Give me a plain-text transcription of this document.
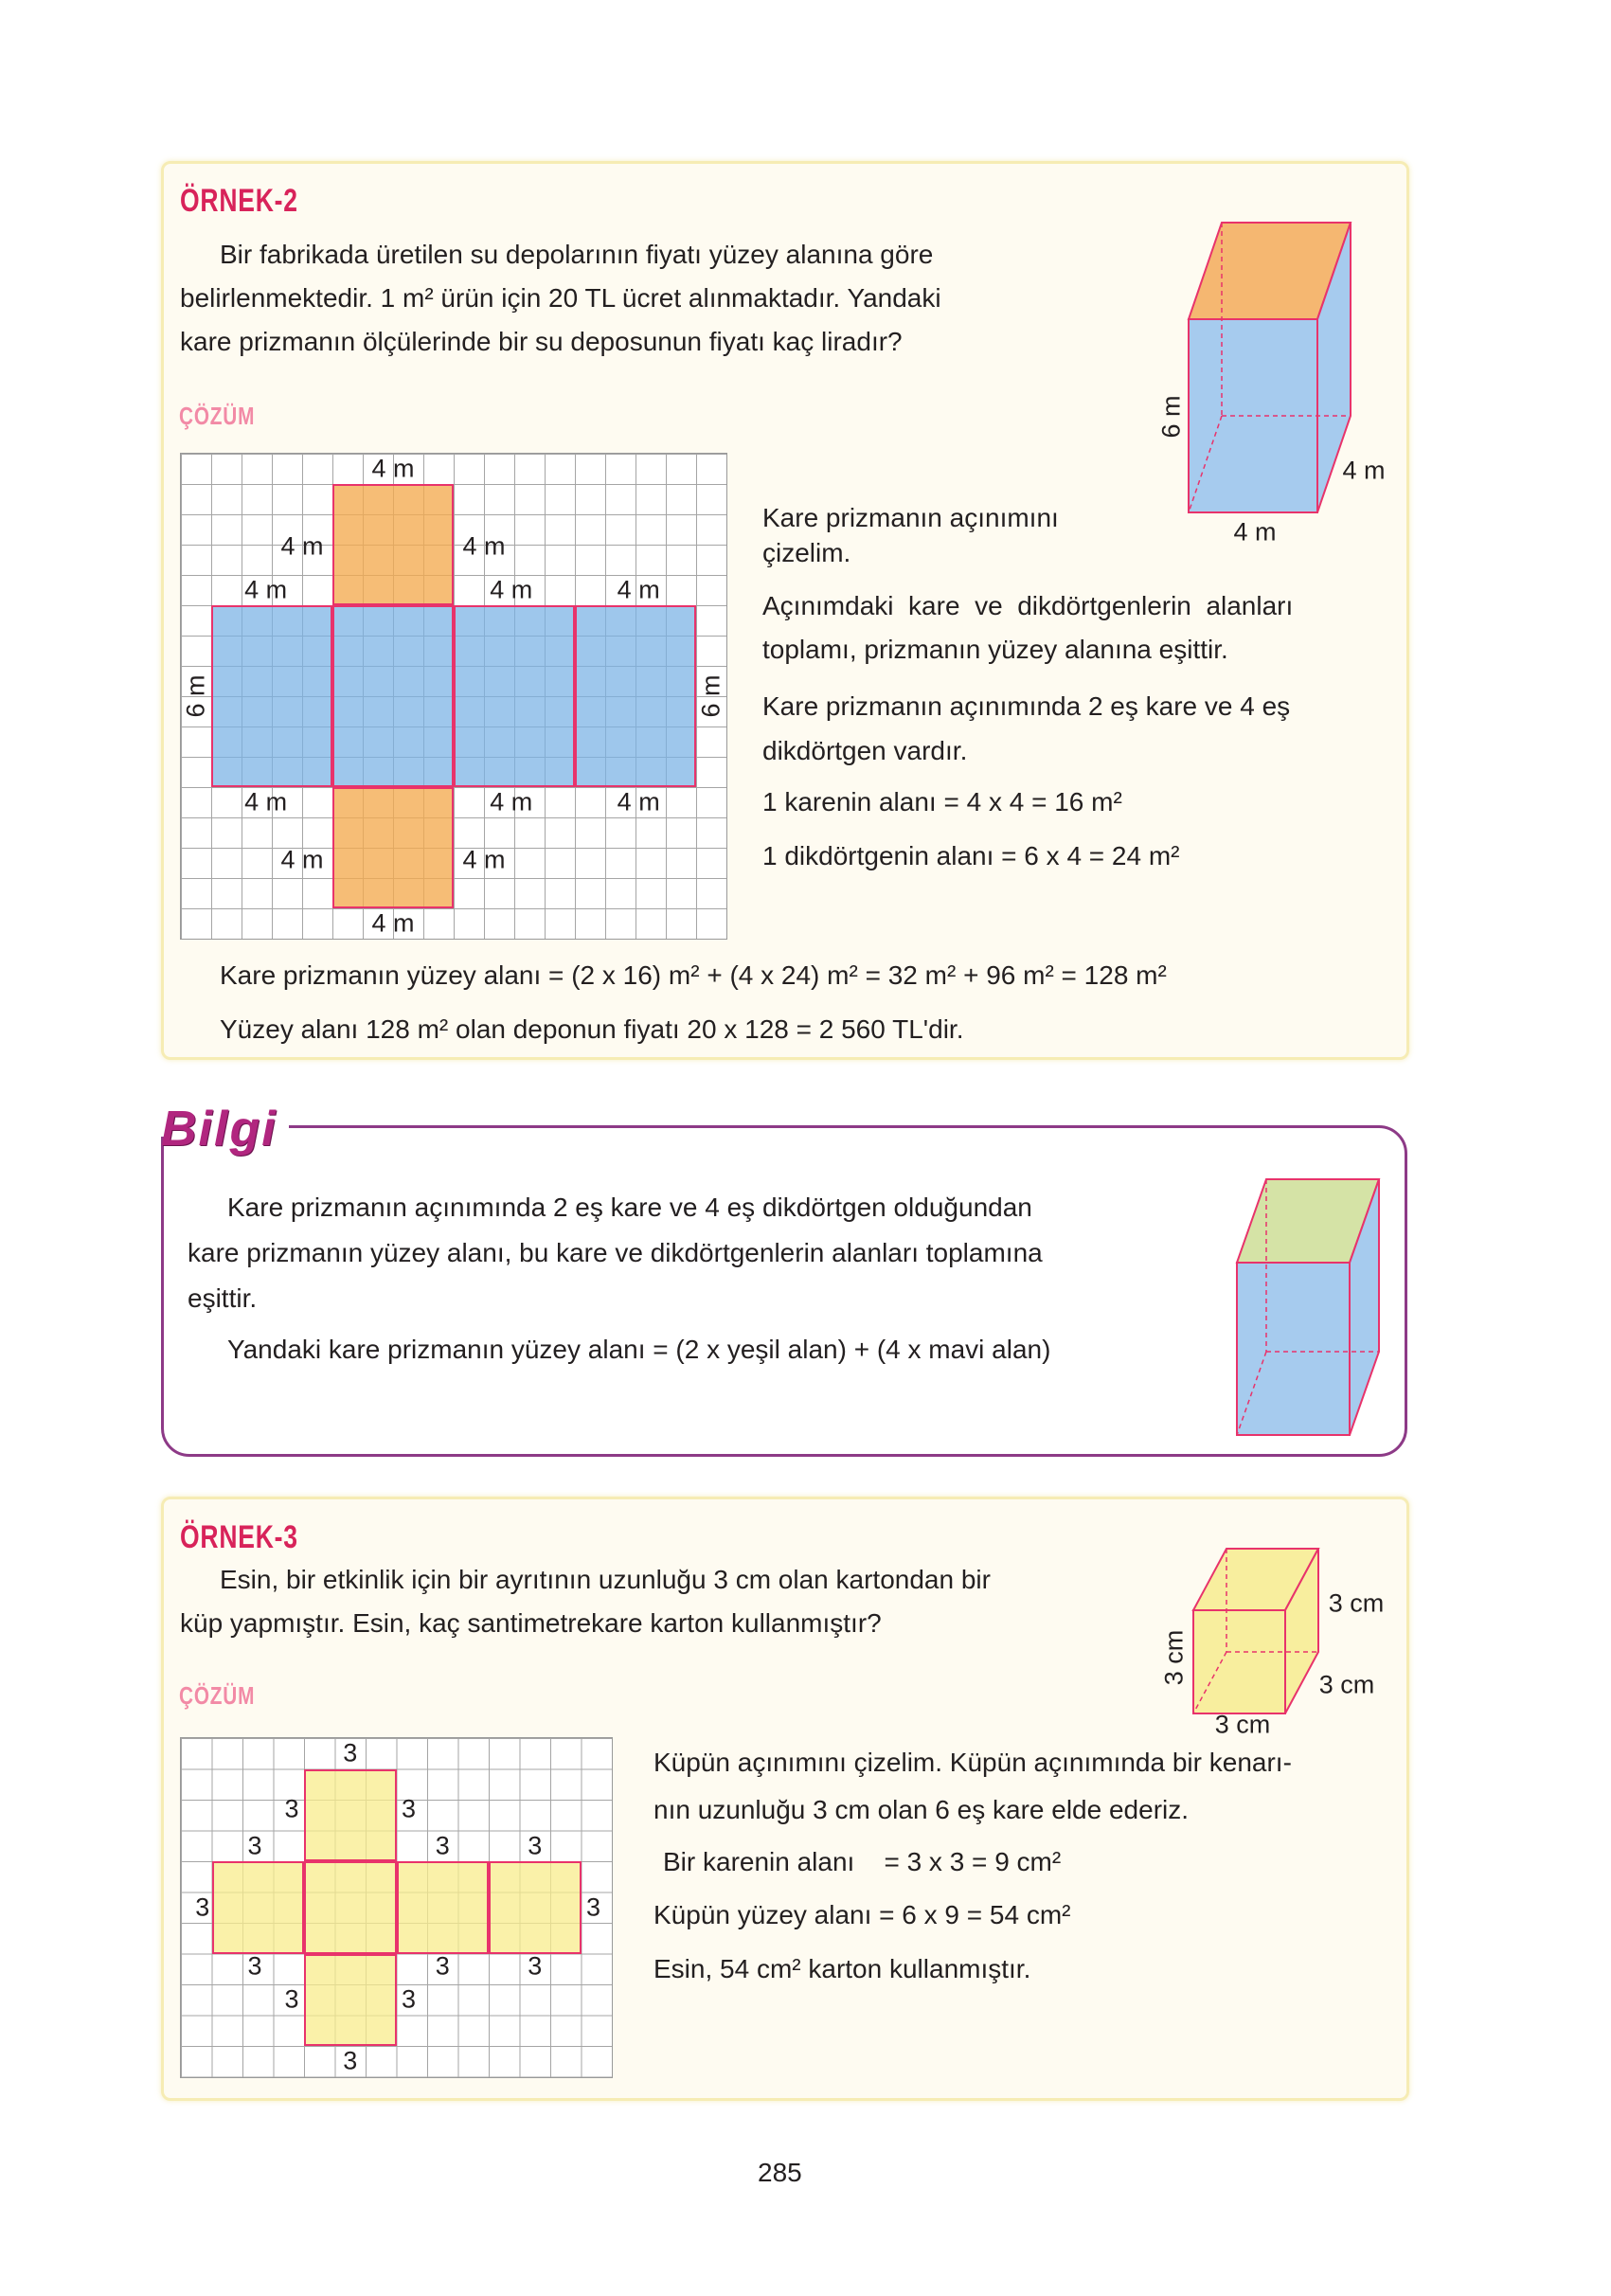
ÖRNEK-2
Bir fabrikada üretilen su depolarının fiyatı yüzey alanına göre
belirlenmektedir. 1 m² ürün için 20 TL ücret alınmaktadır. Yandaki
kare prizmanın ölçülerinde bir su deposunun fiyatı kaç liradır?
ÇÖZÜM	6 m
4 m
4 m
4 m
4 m	4 m
4 m	4 m	4 m
6 m	6 m
4 m	4 m	4 m
4 m	4 m
4 m
Kare prizmanın açınımını
çizelim.
Açınımdaki  kare  ve  dikdörtgenlerin  alanları
toplamı, prizmanın yüzey alanına eşittir.
Kare prizmanın açınımında 2 eş kare ve 4 eş
dikdörtgen vardır.
1 karenin alanı = 4 x 4 = 16 m²
1 dikdörtgenin alanı = 6 x 4 = 24 m²
Kare prizmanın yüzey alanı = (2 x 16) m² + (4 x 24) m² = 32 m² + 96 m² = 128 m²
Yüzey alanı 128 m² olan deponun fiyatı 20 x 128 = 2 560 TL'dir.
Bilgi
Kare prizmanın açınımında 2 eş kare ve 4 eş dikdörtgen olduğundan
kare prizmanın yüzey alanı, bu kare ve dikdörtgenlerin alanları toplamına
eşittir.
Yandaki kare prizmanın yüzey alanı = (2 x yeşil alan) + (4 x mavi alan)
ÖRNEK-3
Esin, bir etkinlik için bir ayrıtının uzunluğu 3 cm olan kartondan bir
küp yapmıştır. Esin, kaç santimetrekare karton kullanmıştır?
ÇÖZÜM
3 cm
3 cm
3 cm
3 cm
3
3	3
3	3	3
3	3
3	3	3
3	3
3
Küpün açınımını çizelim. Küpün açınımında bir kenarı-
nın uzunluğu 3 cm olan 6 eş kare elde ederiz.
Bir karenin alanı    = 3 x 3 = 9 cm²
Küpün yüzey alanı = 6 x 9 = 54 cm²
Esin, 54 cm² karton kullanmıştır.
285
